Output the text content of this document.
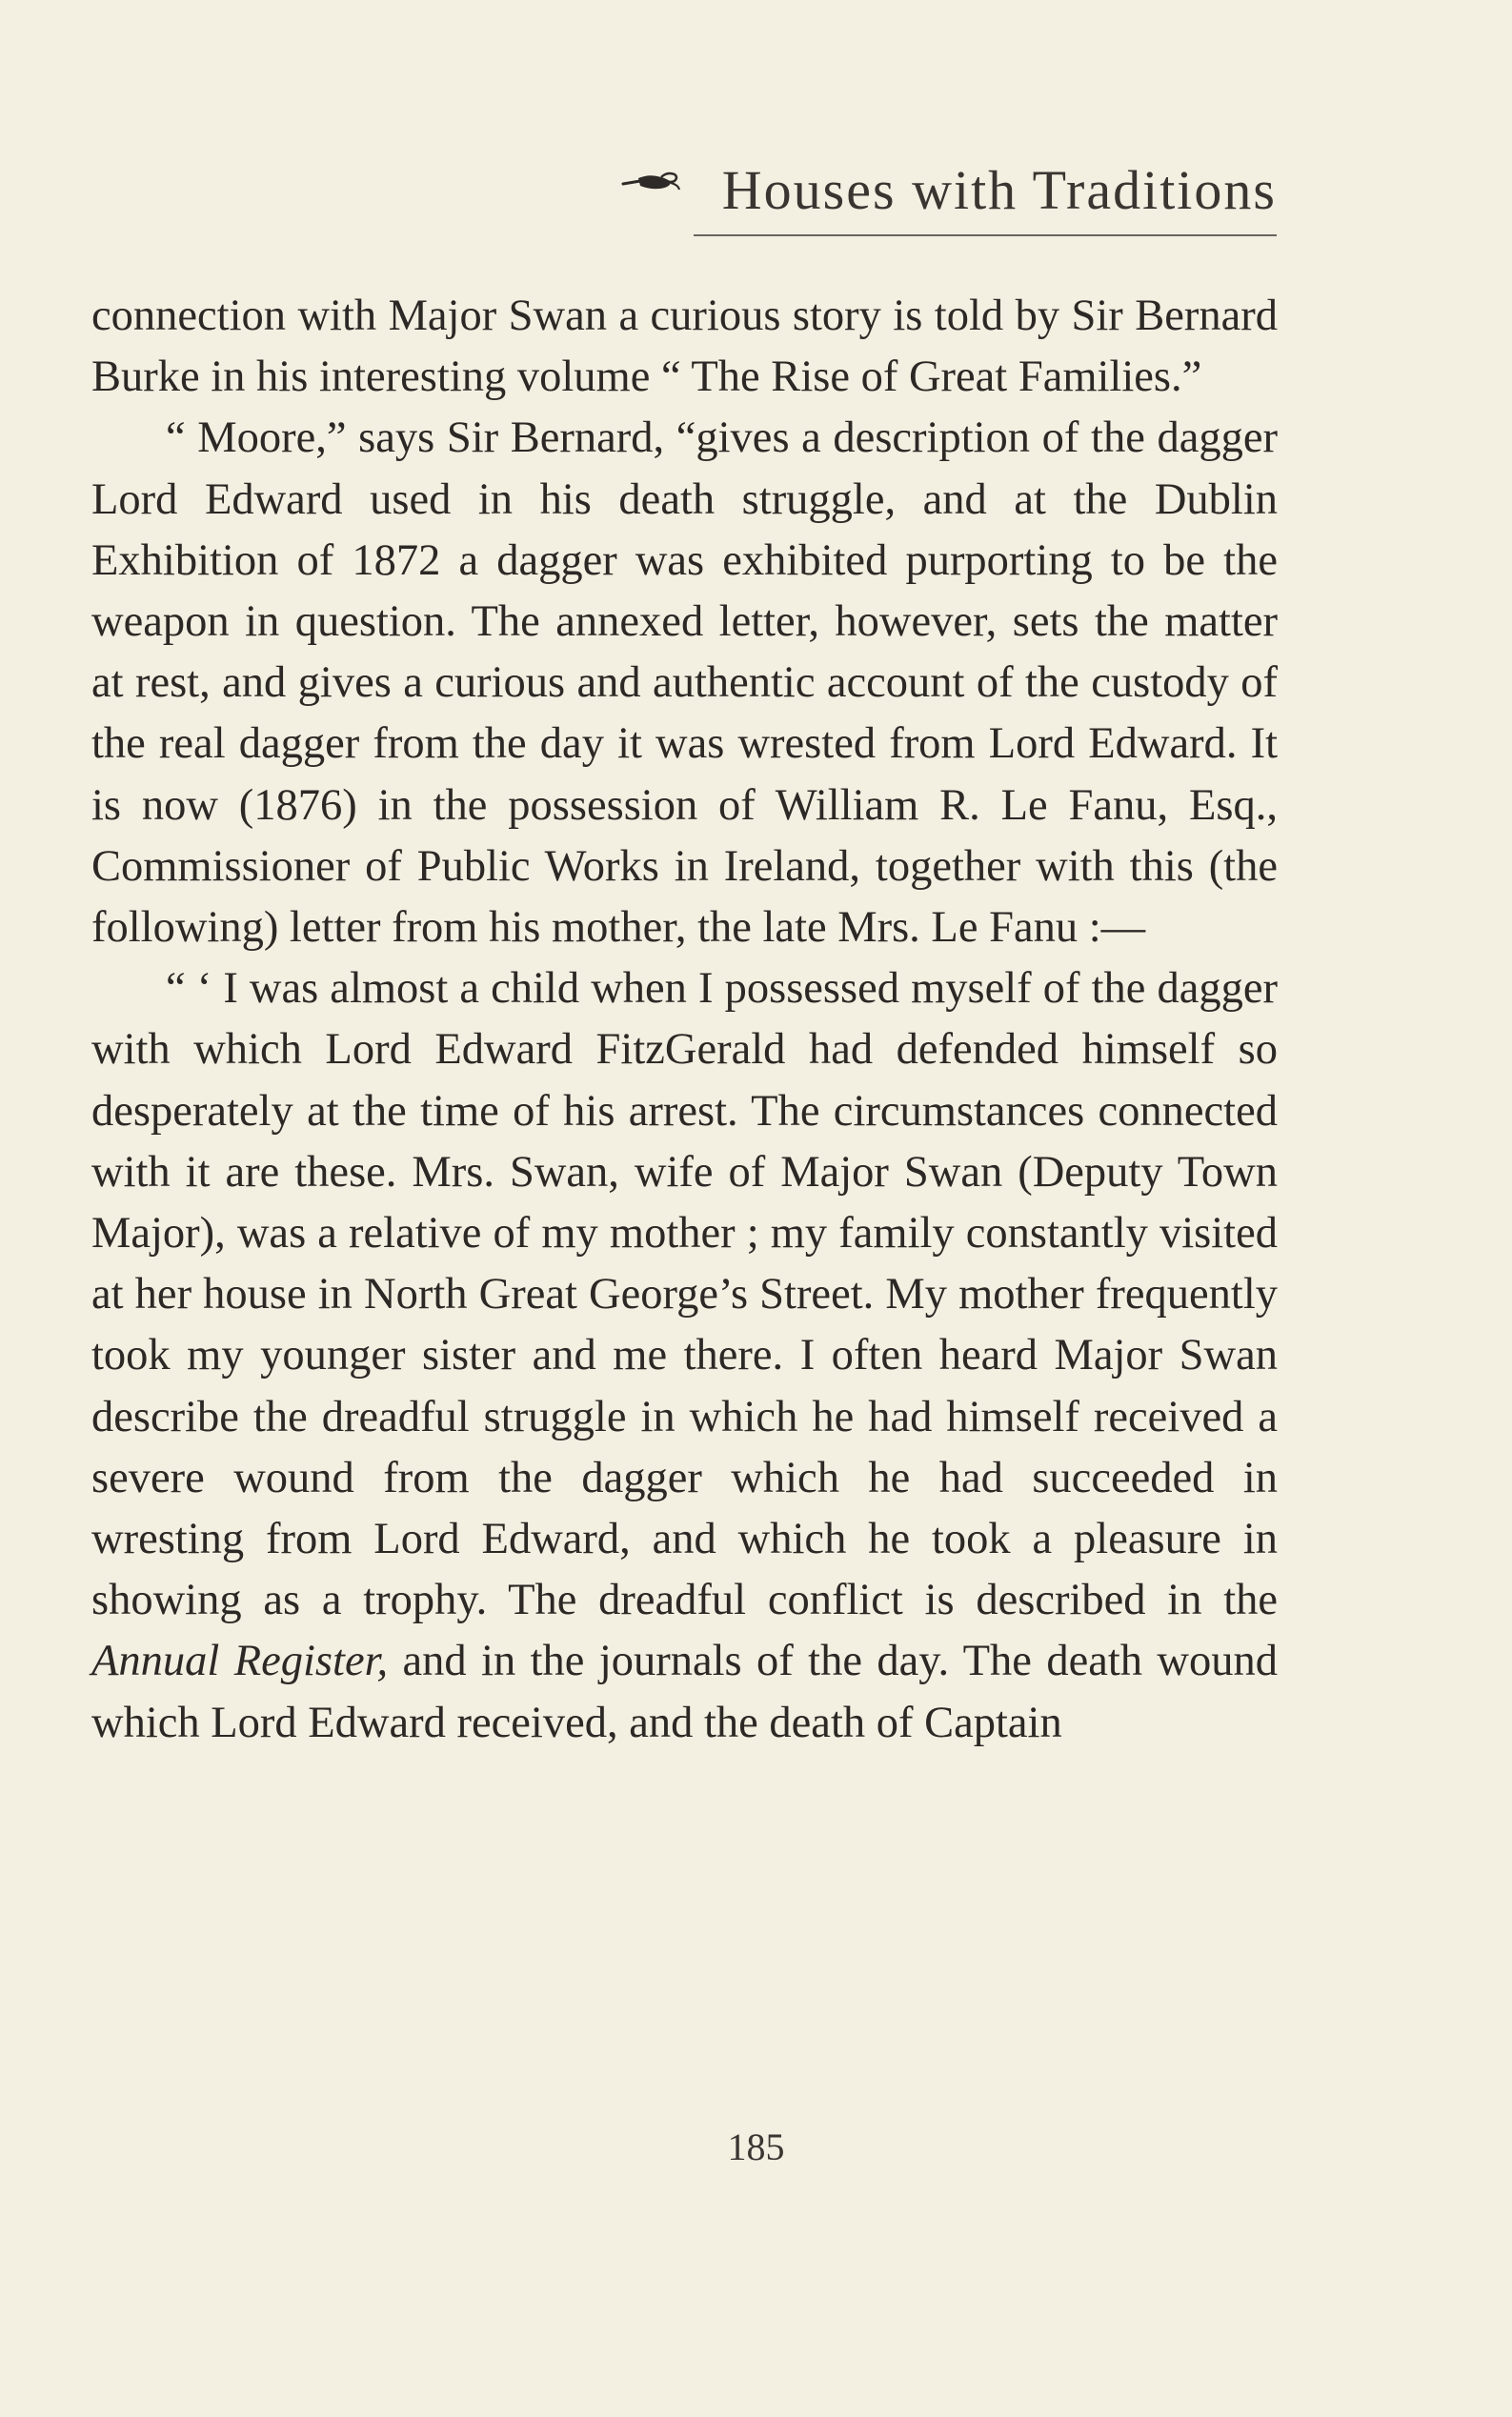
Houses with Traditions

connection with Major Swan a curious story is told by Sir Bernard Burke in his interesting volume “ The Rise of Great Families.”

“ Moore,” says Sir Bernard, “gives a description of the dagger Lord Edward used in his death struggle, and at the Dublin Exhibition of 1872 a dagger was exhibited purporting to be the weapon in question. The annexed letter, however, sets the matter at rest, and gives a curious and authentic account of the custody of the real dagger from the day it was wrested from Lord Edward. It is now (1876) in the possession of William R. Le Fanu, Esq., Commissioner of Public Works in Ireland, together with this (the following) letter from his mother, the late Mrs. Le Fanu :—

“ ‘ I was almost a child when I possessed myself of the dagger with which Lord Edward FitzGerald had defended himself so desperately at the time of his arrest. The circumstances connected with it are these. Mrs. Swan, wife of Major Swan (Deputy Town Major), was a relative of my mother ; my family constantly visited at her house in North Great George’s Street. My mother frequently took my younger sister and me there. I often heard Major Swan describe the dreadful struggle in which he had himself received a severe wound from the dagger which he had succeeded in wresting from Lord Edward, and which he took a pleasure in showing as a trophy. The dreadful conflict is described in the Annual Register, and in the journals of the day. The death wound which Lord Edward received, and the death of Captain

185
